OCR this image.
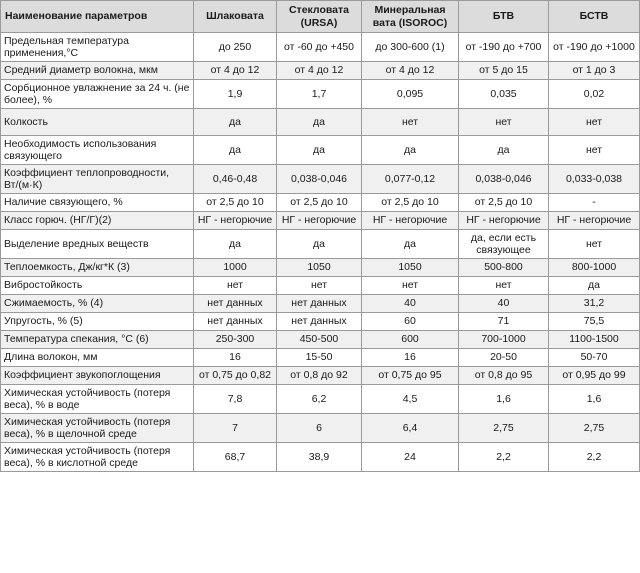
Наименование параметров	Шлаковата	Стекловата (URSA)	Минеральная вата (ISOROC)	БТВ	БСТВ
Предельная температура применения,°С	до 250	от -60 до +450	до 300-600 (1)	от -190 до +700	от -190 до +1000
Средний диаметр волокна, мкм	от 4 до 12	от 4 до 12	от 4 до 12	от 5 до 15	от 1 до 3
Сорбционное увлажнение за 24 ч. (не более), %	1,9	1,7	0,095	0,035	0,02
Колкость	да	да	нет	нет	нет
Необходимость использования связующего	да	да	да	да	нет
Коэффициент теплопроводности, Вт/(м·К)	0,46-0,48	0,038-0,046	0,077-0,12	0,038-0,046	0,033-0,038
Наличие связующего, %	от 2,5 до 10	от 2,5 до 10	от 2,5 до 10	от 2,5 до 10	-
Класс горюч. (НГ/Г)(2)	НГ - негорючие	НГ - негорючие	НГ - негорючие	НГ - негорючие	НГ - негорючие
Выделение вредных веществ	да	да	да	да, если есть связующее	нет
Теплоемкость, Дж/кг*К (3)	1000	1050	1050	500-800	800-1000
Вибростойкость	нет	нет	нет	нет	да
Сжимаемость, % (4)	нет данных	нет данных	40	40	31,2
Упругость, % (5)	нет данных	нет данных	60	71	75,5
Температура спекания, °С (6)	250-300	450-500	600	700-1000	1100-1500
Длина волокон, мм	16	15-50	16	20-50	50-70
Коэффициент звукопоглощения	от 0,75 до 0,82	от 0,8 до 92	от 0,75 до 95	от 0,8 до 95	от 0,95 до 99
Химическая устойчивость (потеря веса), % в воде	7,8	6,2	4,5	1,6	1,6
Химическая устойчивость (потеря веса), % в щелочной среде	7	6	6,4	2,75	2,75
Химическая устойчивость (потеря веса), % в кислотной среде	68,7	38,9	24	2,2	2,2
